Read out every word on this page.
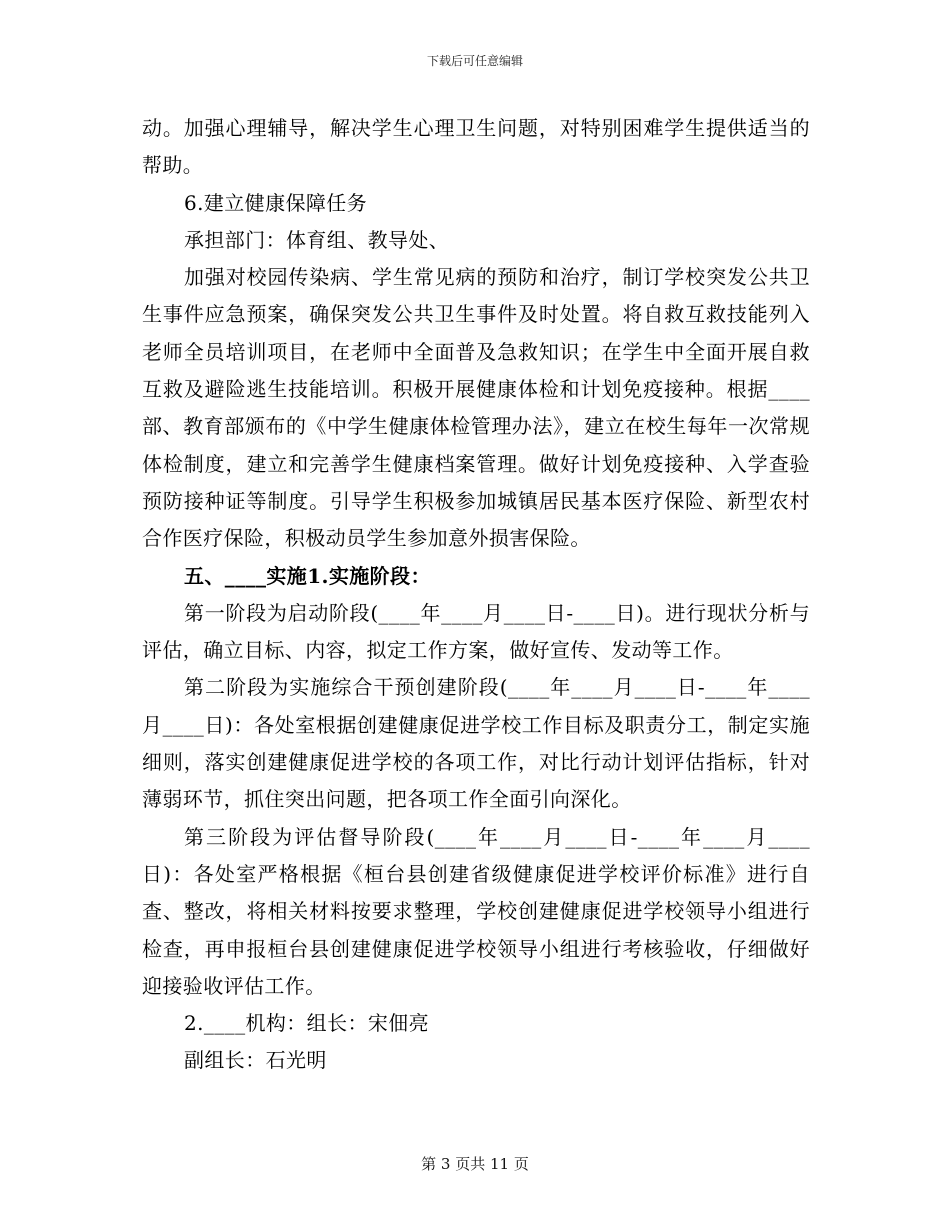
下载后可任意编辑

动。加强心理辅导，解决学生心理卫生问题，对特别困难学生提供适当的帮助。

6.建立健康保障任务

承担部门：体育组、教导处、

加强对校园传染病、学生常见病的预防和治疗，制订学校突发公共卫生事件应急预案，确保突发公共卫生事件及时处置。将自救互救技能列入老师全员培训项目，在老师中全面普及急救知识；在学生中全面开展自救互救及避险逃生技能培训。积极开展健康体检和计划免疫接种。根据____部、教育部颁布的《中学生健康体检管理办法》，建立在校生每年一次常规体检制度，建立和完善学生健康档案管理。做好计划免疫接种、入学查验预防接种证等制度。引导学生积极参加城镇居民基本医疗保险、新型农村合作医疗保险，积极动员学生参加意外损害保险。

五、____实施1.实施阶段：

第一阶段为启动阶段(____年____月____日-____日)。进行现状分析与评估，确立目标、内容，拟定工作方案，做好宣传、发动等工作。

第二阶段为实施综合干预创建阶段(____年____月____日-____年____月____日)：各处室根据创建健康促进学校工作目标及职责分工，制定实施细则，落实创建健康促进学校的各项工作，对比行动计划评估指标，针对薄弱环节，抓住突出问题，把各项工作全面引向深化。

第三阶段为评估督导阶段(____年____月____日-____年____月____日)：各处室严格根据《桓台县创建省级健康促进学校评价标准》进行自查、整改，将相关材料按要求整理，学校创建健康促进学校领导小组进行检查，再申报桓台县创建健康促进学校领导小组进行考核验收，仔细做好迎接验收评估工作。

2.____机构：组长：宋佃亮

副组长：石光明

第 3 页共 11 页
